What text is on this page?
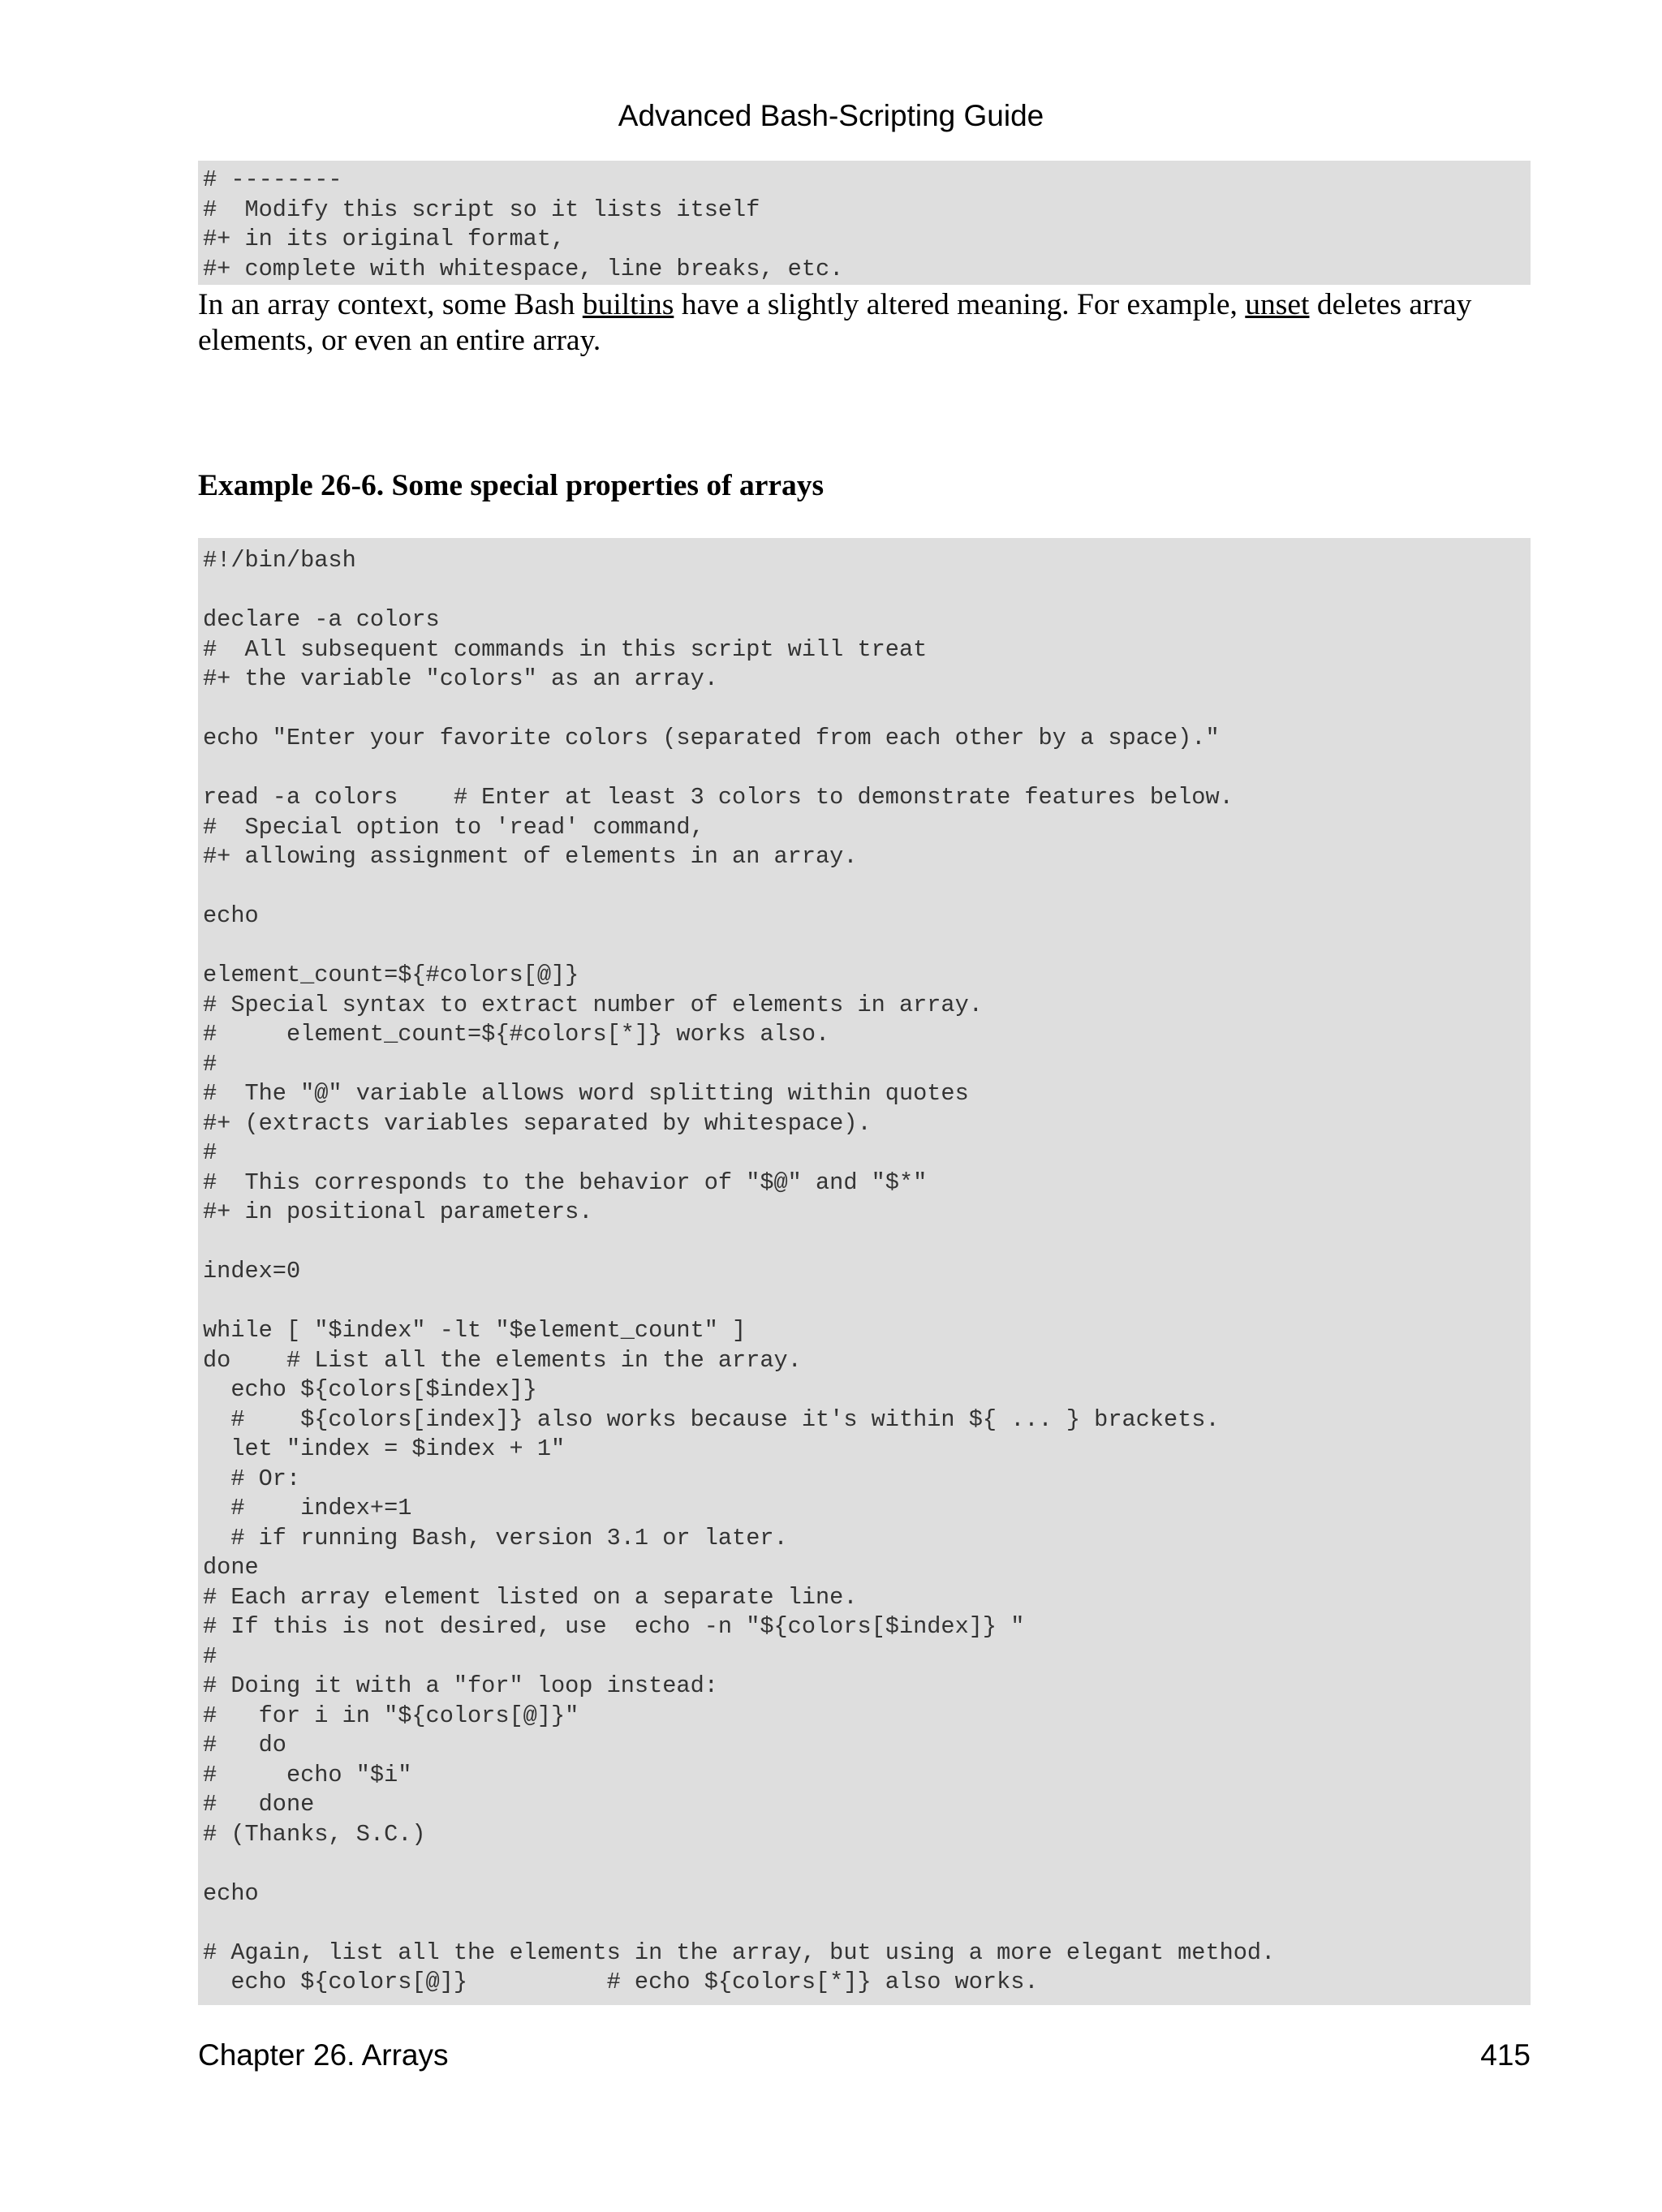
Advanced Bash-Scripting Guide
# --------
#  Modify this script so it lists itself
#+ in its original format,
#+ complete with whitespace, line breaks, etc.
In an array context, some Bash builtins have a slightly altered meaning. For example, unset deletes array elements, or even an entire array.
Example 26-6. Some special properties of arrays
#!/bin/bash

declare -a colors
#  All subsequent commands in this script will treat
#+ the variable "colors" as an array.

echo "Enter your favorite colors (separated from each other by a space)."

read -a colors    # Enter at least 3 colors to demonstrate features below.
#  Special option to 'read' command,
#+ allowing assignment of elements in an array.

echo

element_count=${#colors[@]}
# Special syntax to extract number of elements in array.
#     element_count=${#colors[*]} works also.
#
#  The "@" variable allows word splitting within quotes
#+ (extracts variables separated by whitespace).
#
#  This corresponds to the behavior of "$@" and "$*"
#+ in positional parameters.

index=0

while [ "$index" -lt "$element_count" ]
do    # List all the elements in the array.
echo ${colors[$index]}
#    ${colors[index]} also works because it's within ${ ... } brackets.
let "index = $index + 1"
# Or:
#    index+=1
# if running Bash, version 3.1 or later.
done
# Each array element listed on a separate line.
# If this is not desired, use  echo -n "${colors[$index]} "
#
# Doing it with a "for" loop instead:
#   for i in "${colors[@]}"
#   do
#     echo "$i"
#   done
# (Thanks, S.C.)

echo

# Again, list all the elements in the array, but using a more elegant method.
echo ${colors[@]}          # echo ${colors[*]} also works.
Chapter 26. Arrays	415
